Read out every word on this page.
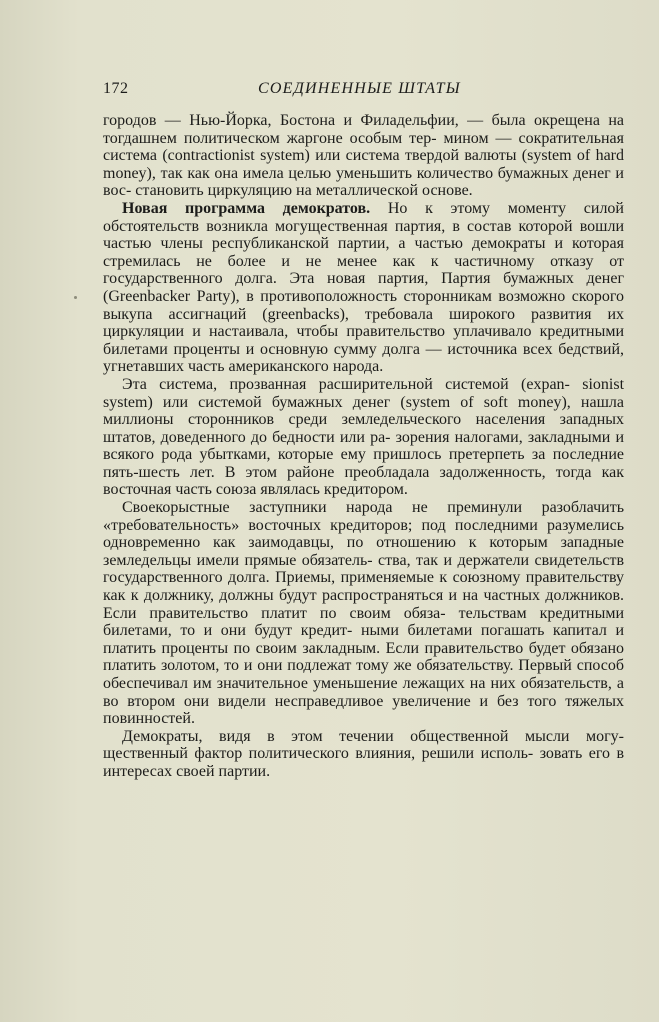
172	СОЕДИНЕННЫЕ ШТАТЫ

городов — Нью-Йорка, Бостона и Филадельфии, — была окрещена на тогдашнем политическом жаргоне особым тер- мином — сократительная система (contractionist system) или система твердой валюты (system of hard money), так как она имела целью уменьшить количество бумажных денег и вос- становить циркуляцию на металлической основе.

Новая программа демократов. Но к этому моменту силой обстоятельств возникла могущественная партия, в состав которой вошли частью члены республиканской партии, а частью демократы и которая стремилась не более и не менее как к частичному отказу от государственного долга. Эта новая партия, Партия бумажных денег (Greenbacker Party), в противоположность сторонникам возможно скорого выкупа ассигнаций (greenbacks), требовала широкого развития их циркуляции и настаивала, чтобы правительство уплачивало кредитными билетами проценты и основную сумму долга — источника всех бедствий, угнетавших часть американского народа.

Эта система, прозванная расширительной системой (expan- sionist system) или системой бумажных денег (system of soft money), нашла миллионы сторонников среди земледельческого населения западных штатов, доведенного до бедности или ра- зорения налогами, закладными и всякого рода убытками, которые ему пришлось претерпеть за последние пять-шесть лет. В этом районе преобладала задолженность, тогда как восточная часть союза являлась кредитором.

Своекорыстные заступники народа не преминули разоблачить «требовательность» восточных кредиторов; под последними разумелись одновременно как заимодавцы, по отношению к которым западные земледельцы имели прямые обязатель- ства, так и держатели свидетельств государственного долга. Приемы, применяемые к союзному правительству как к должнику, должны будут распространяться и на частных должников. Если правительство платит по своим обяза- тельствам кредитными билетами, то и они будут кредит- ными билетами погашать капитал и платить проценты по своим закладным. Если правительство будет обязано платить золотом, то и они подлежат тому же обязательству. Первый способ обеспечивал им значительное уменьшение лежащих на них обязательств, а во втором они видели несправедливое увеличение и без того тяжелых повинностей.

Демократы, видя в этом течении общественной мысли могу- щественный фактор политического влияния, решили исполь- зовать его в интересах своей партии.
